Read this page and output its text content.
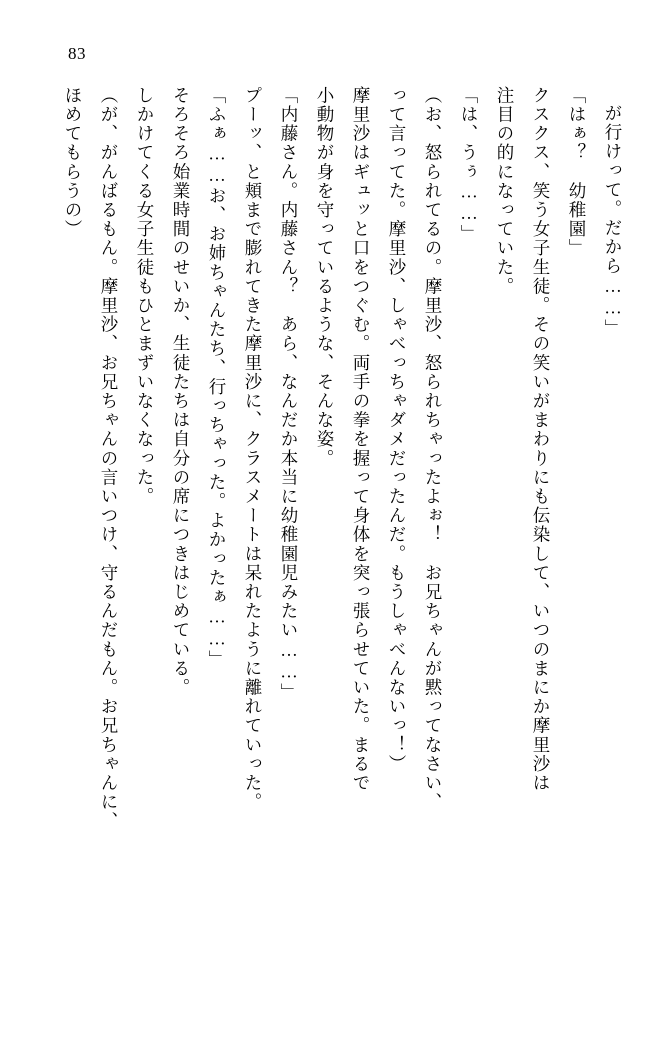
83
が行けって。だから……」
「はぁ？　幼稚園」
クスクス、笑う女子生徒。その笑いがまわりにも伝染して、いつのまにか摩里沙は
注目の的になっていた。
「は、うぅ……」
（お、怒られてるの。摩里沙、怒られちゃったよぉ！　お兄ちゃんが黙ってなさい、
って言ってた。摩里沙、しゃべっちゃダメだったんだ。もうしゃべんないっ！）
摩里沙はギュッと口をつぐむ。両手の拳を握って身体を突っ張らせていた。まるで
小動物が身を守っているような、そんな姿。
「内藤さん。内藤さん？　あら、なんだか本当に幼稚園児みたい……」
プーッ、と頬まで膨れてきた摩里沙に、クラスメートは呆れたように離れていった。
「ふぁ……お、お姉ちゃんたち、行っちゃった。よかったぁ……」
そろそろ始業時間のせいか、生徒たちは自分の席につきはじめている。
しかけてくる女子生徒もひとまずいなくなった。
（が、がんばるもん。摩里沙、お兄ちゃんの言いつけ、守るんだもん。お兄ちゃんに、
ほめてもらうの）
